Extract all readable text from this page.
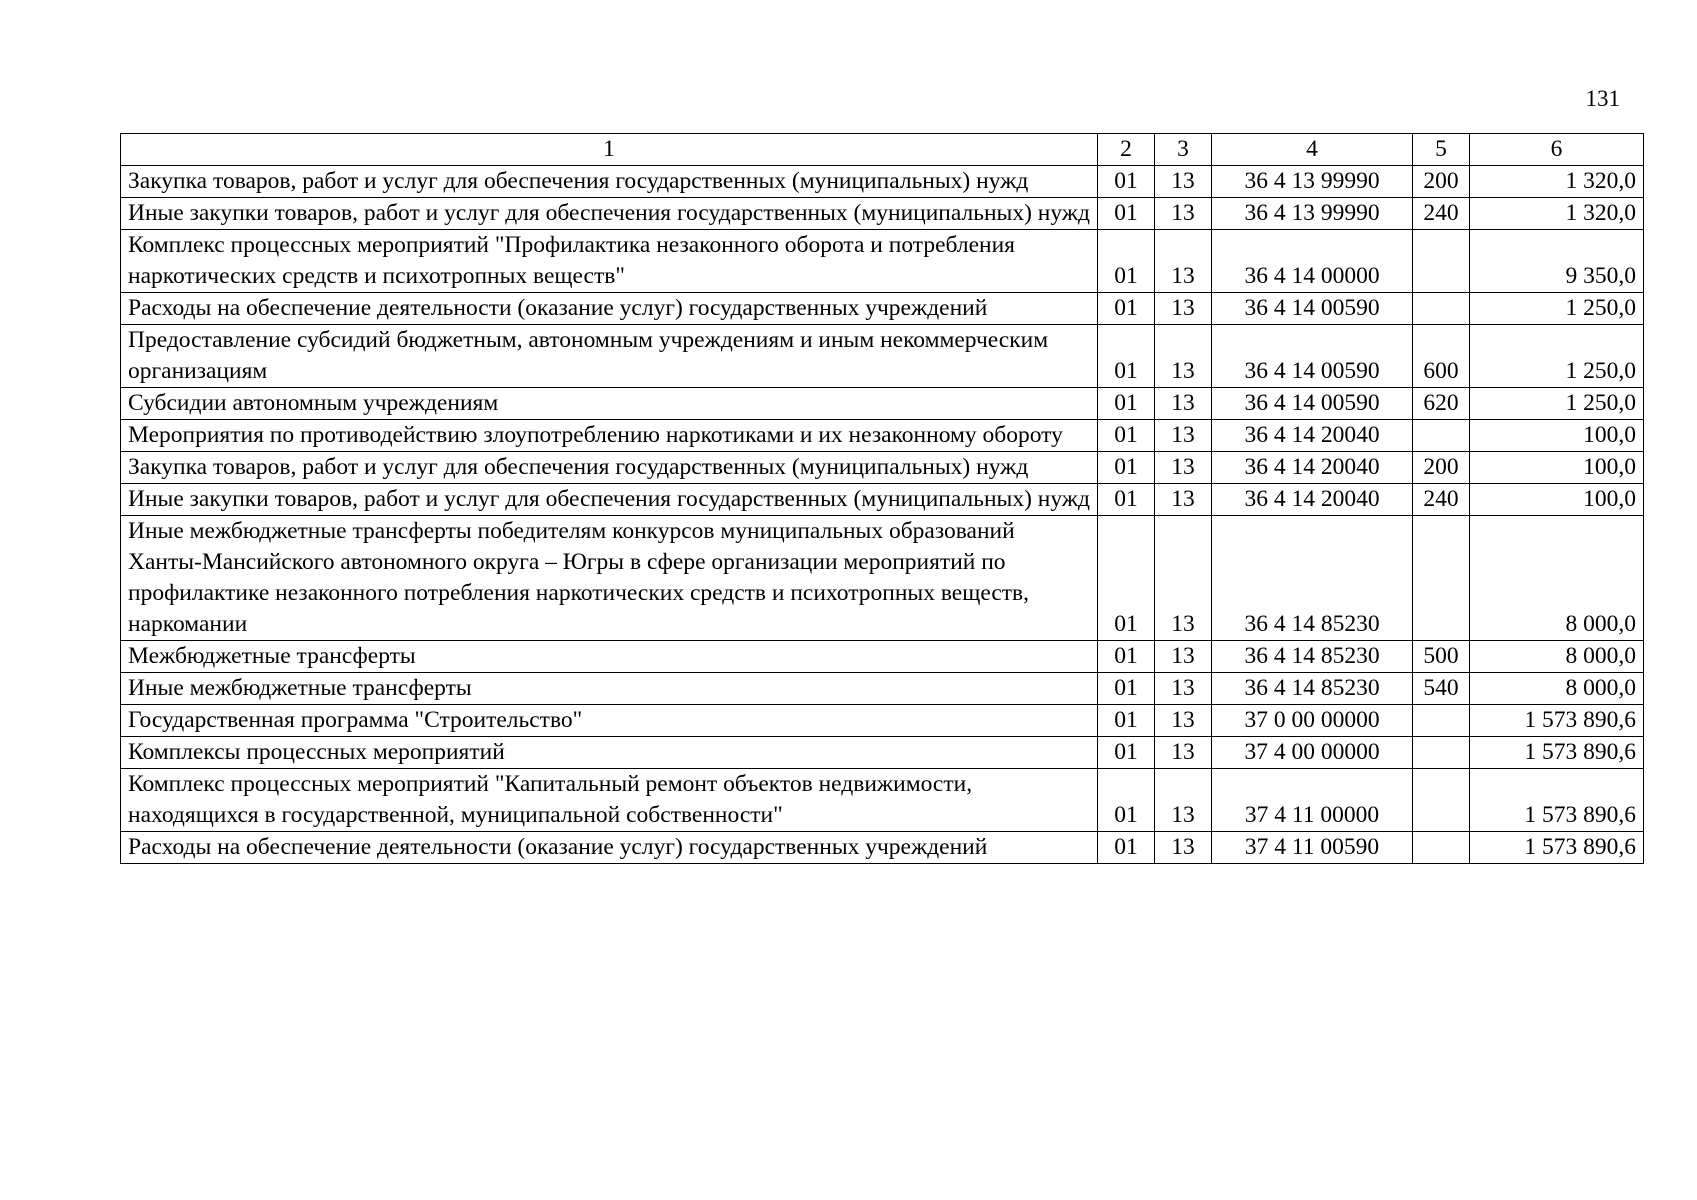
131
1	2	3	4	5	6
Закупка товаров, работ и услуг для обеспечения государственных (муниципальных) нужд	01	13	36 4 13 99990	200	1 320,0
Иные закупки товаров, работ и услуг для обеспечения государственных (муниципальных) нужд	01	13	36 4 13 99990	240	1 320,0
Комплекс процессных мероприятий "Профилактика незаконного оборота и потребления наркотических средств и психотропных веществ"	01	13	36 4 14 00000		9 350,0
Расходы на обеспечение деятельности (оказание услуг) государственных учреждений	01	13	36 4 14 00590		1 250,0
Предоставление субсидий бюджетным, автономным учреждениям и иным некоммерческим организациям	01	13	36 4 14 00590	600	1 250,0
Субсидии автономным учреждениям	01	13	36 4 14 00590	620	1 250,0
Мероприятия по противодействию злоупотреблению наркотиками и их незаконному обороту	01	13	36 4 14 20040		100,0
Закупка товаров, работ и услуг для обеспечения государственных (муниципальных) нужд	01	13	36 4 14 20040	200	100,0
Иные закупки товаров, работ и услуг для обеспечения государственных (муниципальных) нужд	01	13	36 4 14 20040	240	100,0
Иные межбюджетные трансферты победителям конкурсов муниципальных образований Ханты-Мансийского автономного округа – Югры в сфере организации мероприятий по профилактике незаконного потребления наркотических средств и психотропных веществ, наркомании	01	13	36 4 14 85230		8 000,0
Межбюджетные трансферты	01	13	36 4 14 85230	500	8 000,0
Иные межбюджетные трансферты	01	13	36 4 14 85230	540	8 000,0
Государственная программа "Строительство"	01	13	37 0 00 00000		1 573 890,6
Комплексы процессных мероприятий	01	13	37 4 00 00000		1 573 890,6
Комплекс процессных мероприятий "Капитальный ремонт объектов недвижимости, находящихся в государственной, муниципальной собственности"	01	13	37 4 11 00000		1 573 890,6
Расходы на обеспечение деятельности (оказание услуг) государственных учреждений	01	13	37 4 11 00590		1 573 890,6
